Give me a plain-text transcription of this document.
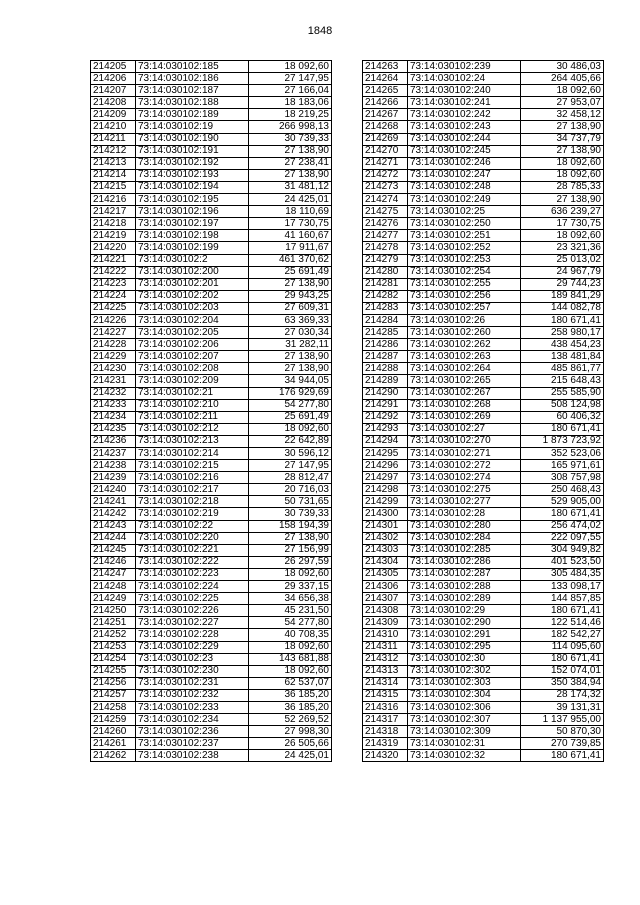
1848
214205	73:14:030102:185	18 092,60
214206	73:14:030102:186	27 147,95
214207	73:14:030102:187	27 166,04
214208	73:14:030102:188	18 183,06
214209	73:14:030102:189	18 219,25
214210	73:14:030102:19	266 998,13
214211	73:14:030102:190	30 739,33
214212	73:14:030102:191	27 138,90
214213	73:14:030102:192	27 238,41
214214	73:14:030102:193	27 138,90
214215	73:14:030102:194	31 481,12
214216	73:14:030102:195	24 425,01
214217	73:14:030102:196	18 110,69
214218	73:14:030102:197	17 730,75
214219	73:14:030102:198	41 160,67
214220	73:14:030102:199	17 911,67
214221	73:14:030102:2	461 370,62
214222	73:14:030102:200	25 691,49
214223	73:14:030102:201	27 138,90
214224	73:14:030102:202	29 943,25
214225	73:14:030102:203	27 609,31
214226	73:14:030102:204	63 369,33
214227	73:14:030102:205	27 030,34
214228	73:14:030102:206	31 282,11
214229	73:14:030102:207	27 138,90
214230	73:14:030102:208	27 138,90
214231	73:14:030102:209	34 944,05
214232	73:14:030102:21	176 929,69
214233	73:14:030102:210	54 277,80
214234	73:14:030102:211	25 691,49
214235	73:14:030102:212	18 092,60
214236	73:14:030102:213	22 642,89
214237	73:14:030102:214	30 596,12
214238	73:14:030102:215	27 147,95
214239	73:14:030102:216	28 812,47
214240	73:14:030102:217	20 716,03
214241	73:14:030102:218	50 731,65
214242	73:14:030102:219	30 739,33
214243	73:14:030102:22	158 194,39
214244	73:14:030102:220	27 138,90
214245	73:14:030102:221	27 156,99
214246	73:14:030102:222	26 297,59
214247	73:14:030102:223	18 092,60
214248	73:14:030102:224	29 337,15
214249	73:14:030102:225	34 656,38
214250	73:14:030102:226	45 231,50
214251	73:14:030102:227	54 277,80
214252	73:14:030102:228	40 708,35
214253	73:14:030102:229	18 092,60
214254	73:14:030102:23	143 681,88
214255	73:14:030102:230	18 092,60
214256	73:14:030102:231	62 537,07
214257	73:14:030102:232	36 185,20
214258	73:14:030102:233	36 185,20
214259	73:14:030102:234	52 269,52
214260	73:14:030102:236	27 998,30
214261	73:14:030102:237	26 505,66
214262	73:14:030102:238	24 425,01
214263	73:14:030102:239	30 486,03
214264	73:14:030102:24	264 405,66
214265	73:14:030102:240	18 092,60
214266	73:14:030102:241	27 953,07
214267	73:14:030102:242	32 458,12
214268	73:14:030102:243	27 138,90
214269	73:14:030102:244	34 737,79
214270	73:14:030102:245	27 138,90
214271	73:14:030102:246	18 092,60
214272	73:14:030102:247	18 092,60
214273	73:14:030102:248	28 785,33
214274	73:14:030102:249	27 138,90
214275	73:14:030102:25	636 239,27
214276	73:14:030102:250	17 730,75
214277	73:14:030102:251	18 092,60
214278	73:14:030102:252	23 321,36
214279	73:14:030102:253	25 013,02
214280	73:14:030102:254	24 967,79
214281	73:14:030102:255	29 744,23
214282	73:14:030102:256	189 841,29
214283	73:14:030102:257	144 082,78
214284	73:14:030102:26	180 671,41
214285	73:14:030102:260	258 980,17
214286	73:14:030102:262	438 454,23
214287	73:14:030102:263	138 481,84
214288	73:14:030102:264	485 861,77
214289	73:14:030102:265	215 648,43
214290	73:14:030102:267	255 585,90
214291	73:14:030102:268	508 124,98
214292	73:14:030102:269	60 406,32
214293	73:14:030102:27	180 671,41
214294	73:14:030102:270	1 873 723,92
214295	73:14:030102:271	352 523,06
214296	73:14:030102:272	165 971,61
214297	73:14:030102:274	308 757,98
214298	73:14:030102:275	250 468,43
214299	73:14:030102:277	529 905,00
214300	73:14:030102:28	180 671,41
214301	73:14:030102:280	256 474,02
214302	73:14:030102:284	222 097,55
214303	73:14:030102:285	304 949,82
214304	73:14:030102:286	401 523,50
214305	73:14:030102:287	305 484,35
214306	73:14:030102:288	133 098,17
214307	73:14:030102:289	144 857,85
214308	73:14:030102:29	180 671,41
214309	73:14:030102:290	122 514,46
214310	73:14:030102:291	182 542,27
214311	73:14:030102:295	114 095,60
214312	73:14:030102:30	180 671,41
214313	73:14:030102:302	152 074,01
214314	73:14:030102:303	350 384,94
214315	73:14:030102:304	28 174,32
214316	73:14:030102:306	39 131,31
214317	73:14:030102:307	1 137 955,00
214318	73:14:030102:309	50 870,30
214319	73:14:030102:31	270 739,85
214320	73:14:030102:32	180 671,41
